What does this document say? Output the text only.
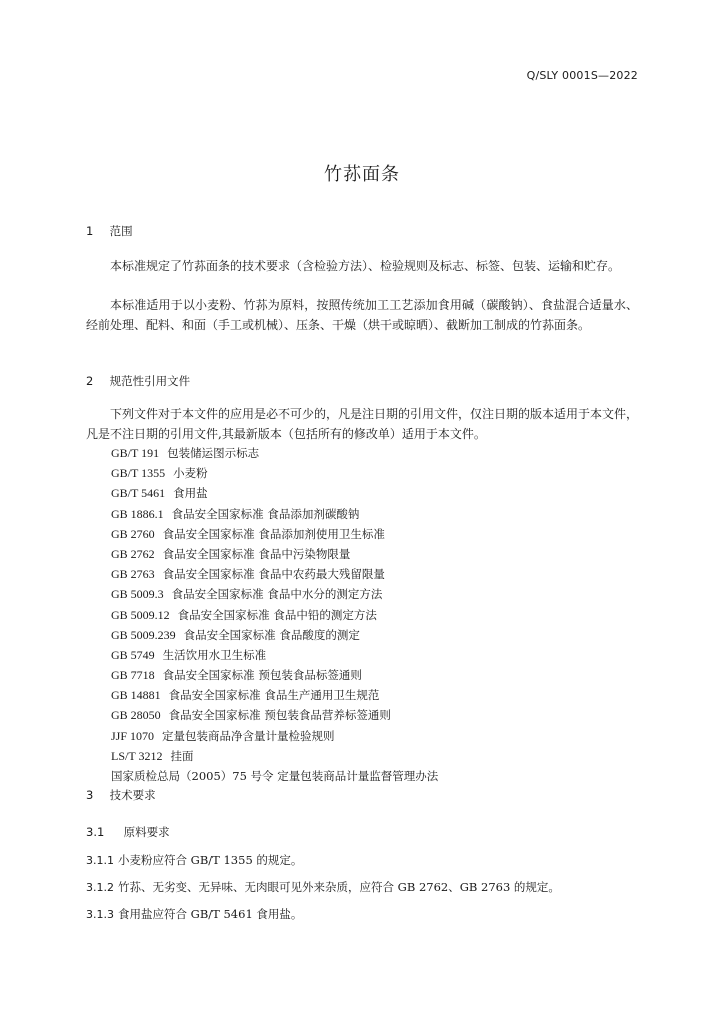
Q/SLY 0001S—2022
竹荪面条
1 范围

本标准规定了竹荪面条的技术要求（含检验方法）、检验规则及标志、标签、包装、运输和贮存。

本标准适用于以小麦粉、竹荪为原料，按照传统加工工艺添加食用碱（碳酸钠）、食盐混合适量水、经前处理、配料、和面（手工或机械）、压条、干燥（烘干或晾晒）、截断加工制成的竹荪面条。

2 规范性引用文件

下列文件对于本文件的应用是必不可少的，凡是注日期的引用文件，仅注日期的版本适用于本文件，凡是不注日期的引用文件,其最新版本（包括所有的修改单）适用于本文件。

GB/T 191 包装储运图示标志
GB/T 1355 小麦粉
GB/T 5461 食用盐
GB 1886.1 食品安全国家标准 食品添加剂碳酸钠
GB 2760 食品安全国家标准 食品添加剂使用卫生标准
GB 2762 食品安全国家标准 食品中污染物限量
GB 2763 食品安全国家标准 食品中农药最大残留限量
GB 5009.3 食品安全国家标准 食品中水分的测定方法
GB 5009.12 食品安全国家标准 食品中铅的测定方法
GB 5009.239 食品安全国家标准 食品酸度的测定
GB 5749 生活饮用水卫生标准
GB 7718 食品安全国家标准 预包装食品标签通则
GB 14881 食品安全国家标准 食品生产通用卫生规范
GB 28050 食品安全国家标准 预包装食品营养标签通则
JJF 1070 定量包装商品净含量计量检验规则
LS/T 3212 挂面
国家质检总局（2005）75 号令 定量包装商品计量监督管理办法
3 技术要求
3.1 原料要求
3.1.1 小麦粉应符合 GB/T 1355 的规定。
3.1.2 竹荪、无劣变、无异味、无肉眼可见外来杂质，应符合 GB 2762、GB 2763 的规定。
3.1.3 食用盐应符合 GB/T 5461 食用盐。
